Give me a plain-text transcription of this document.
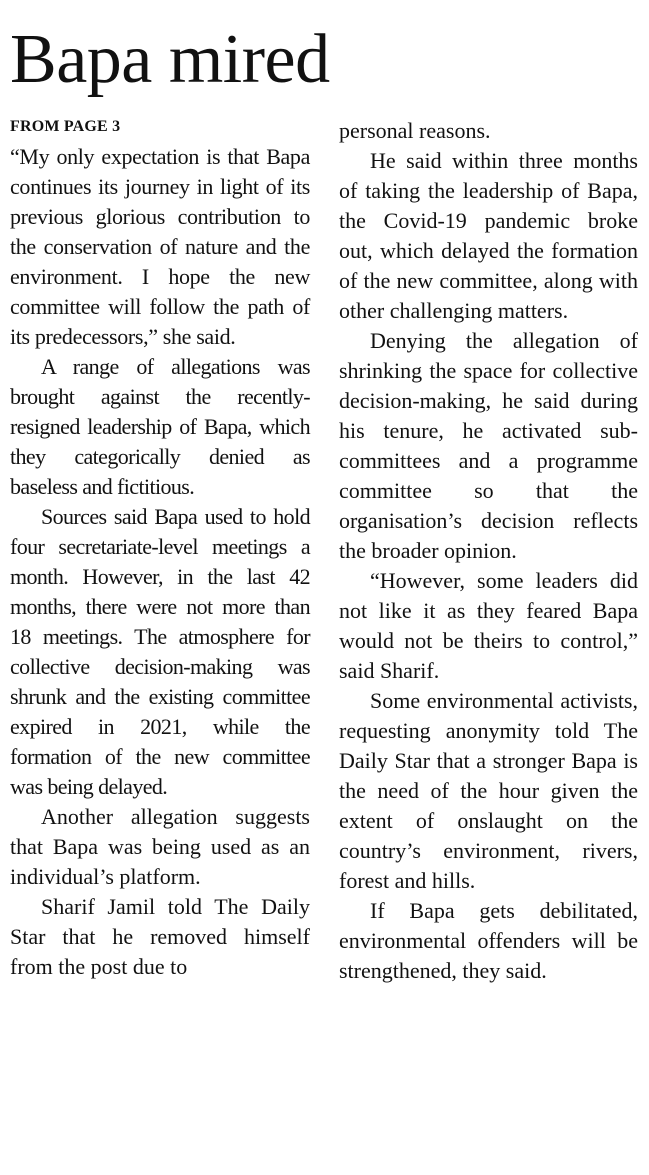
Bapa mired
FROM PAGE 3

“My only expectation is that Bapa continues its journey in light of its previous glorious contribution to the conservation of nature and the environment. I hope the new committee will follow the path of its predecessors,” she said.

A range of allegations was brought against the recently-resigned leadership of Bapa, which they categorically denied as baseless and fictitious.

Sources said Bapa used to hold four secretariate-level meetings a month. However, in the last 42 months, there were not more than 18 meetings. The atmosphere for collective decision-making was shrunk and the existing committee expired in 2021, while the formation of the new committee was being delayed.

Another allegation suggests that Bapa was being used as an individual’s platform.

Sharif Jamil told The Daily Star that he removed himself from the post due to

personal reasons.

He said within three months of taking the leadership of Bapa, the Covid-19 pandemic broke out, which delayed the formation of the new committee, along with other challenging matters.

Denying the allegation of shrinking the space for collective decision-making, he said during his tenure, he activated sub-committees and a programme committee so that the organisation’s decision reflects the broader opinion.

“However, some leaders did not like it as they feared Bapa would not be theirs to control,” said Sharif.

Some environmental activists, requesting anonymity told The Daily Star that a stronger Bapa is the need of the hour given the extent of onslaught on the country’s environment, rivers, forest and hills.

If Bapa gets debilitated, environmental offenders will be strengthened, they said.
